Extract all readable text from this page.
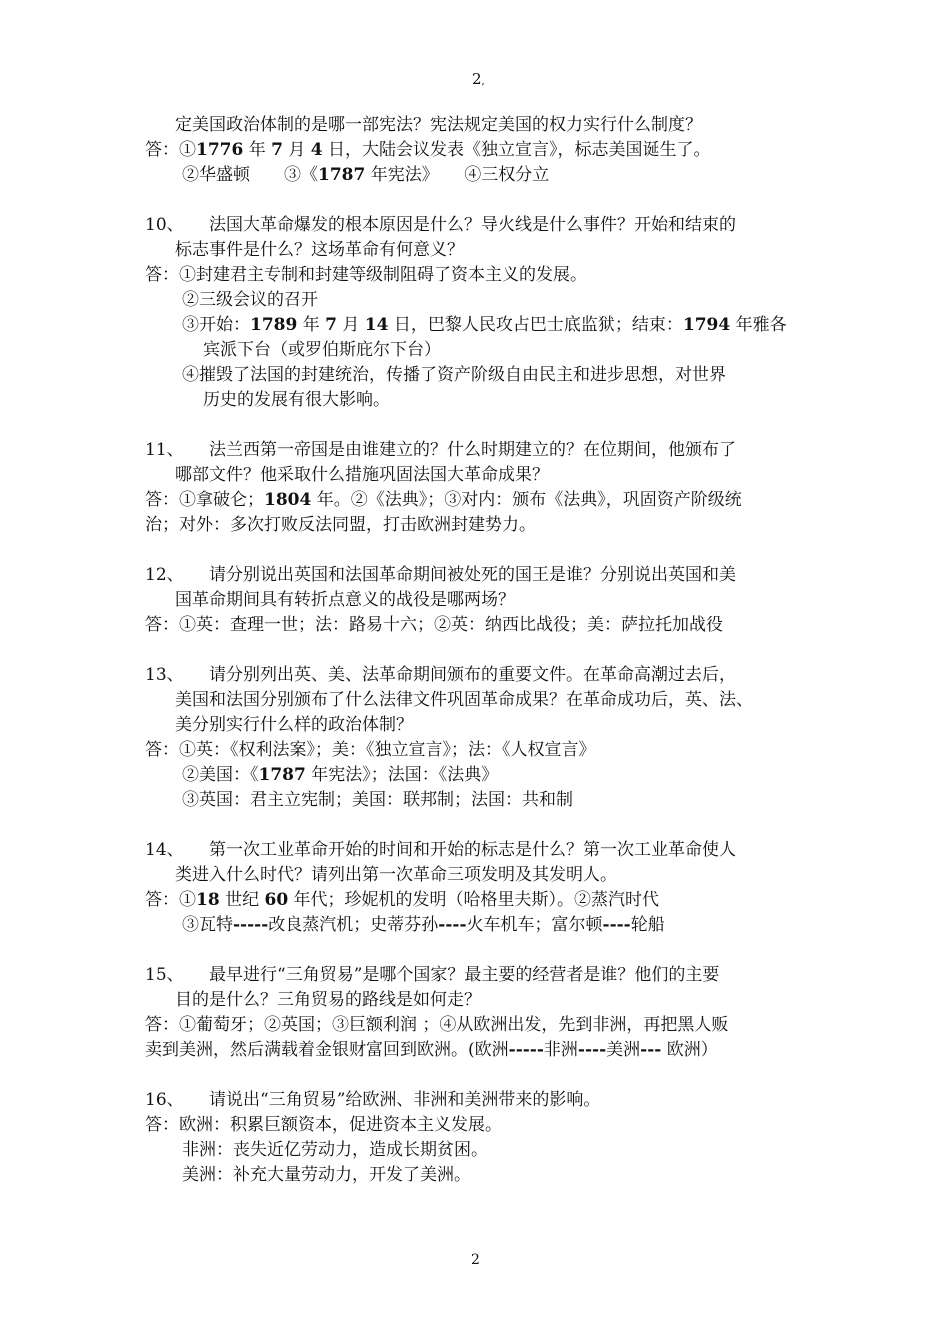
2,
定美国政治体制的是哪一部宪法？宪法规定美国的权力实行什么制度？
答：①1776 年 7 月 4 日，大陆会议发表《独立宣言》，标志美国诞生了。
②华盛顿　　③《1787 年宪法》　　④三权分立
10、 法国大革命爆发的根本原因是什么？导火线是什么事件？开始和结束的
标志事件是什么？这场革命有何意义？
答：①封建君主专制和封建等级制阻碍了资本主义的发展。
②三级会议的召开
③开始：1789 年 7 月 14 日，巴黎人民攻占巴士底监狱；结束：1794 年雅各
宾派下台（或罗伯斯庇尔下台）
④摧毁了法国的封建统治，传播了资产阶级自由民主和进步思想，对世界
历史的发展有很大影响。
11、 法兰西第一帝国是由谁建立的？什么时期建立的？在位期间，他颁布了
哪部文件？他采取什么措施巩固法国大革命成果？
答：①拿破仑；1804 年。②《法典》；③对内：颁布《法典》，巩固资产阶级统
治；对外：多次打败反法同盟，打击欧洲封建势力。
12、 请分别说出英国和法国革命期间被处死的国王是谁？分别说出英国和美
国革命期间具有转折点意义的战役是哪两场？
答：①英：查理一世；法：路易十六；②英：纳西比战役；美：萨拉托加战役
13、 请分别列出英、美、法革命期间颁布的重要文件。在革命高潮过去后，
美国和法国分别颁布了什么法律文件巩固革命成果？在革命成功后，英、法、
美分别实行什么样的政治体制？
答：①英：《权利法案》；美：《独立宣言》；法：《人权宣言》
②美国：《1787 年宪法》；法国：《法典》
③英国：君主立宪制；美国：联邦制；法国：共和制
14、 第一次工业革命开始的时间和开始的标志是什么？第一次工业革命使人
类进入什么时代？请列出第一次革命三项发明及其发明人。
答：①18 世纪 60 年代；珍妮机的发明（哈格里夫斯）。②蒸汽时代
③瓦特-----改良蒸汽机；史蒂芬孙----火车机车；富尔顿----轮船
15、 最早进行“三角贸易”是哪个国家？最主要的经营者是谁？他们的主要
目的是什么？三角贸易的路线是如何走？
答：①葡萄牙；②英国；③巨额利润 ；④从欧洲出发，先到非洲，再把黑人贩
卖到美洲，然后满载着金银财富回到欧洲。(欧洲-----非洲----美洲--- 欧洲）
16、 请说出“三角贸易”给欧洲、非洲和美洲带来的影响。
答：欧洲：积累巨额资本，促进资本主义发展。
非洲：丧失近亿劳动力，造成长期贫困。
美洲：补充大量劳动力，开发了美洲。
2
